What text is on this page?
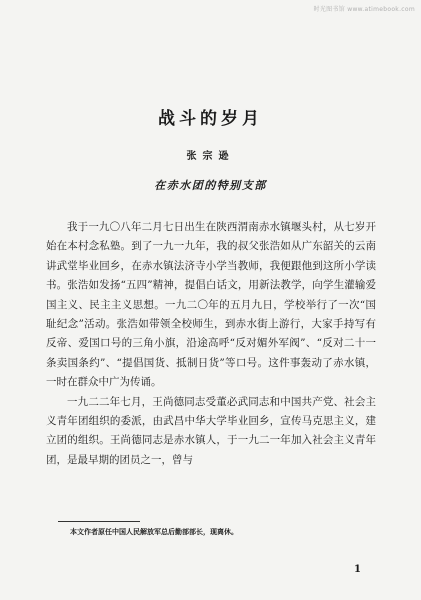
时光图书馆 www.atimebook.com
战斗的岁月
张宗逊
在赤水团的特别支部

我于一九〇八年二月七日出生在陕西渭南赤水镇堰头村，从七岁开始在本村念私塾。到了一九一九年，我的叔父张浩如从广东韶关的云南讲武堂毕业回乡，在赤水镇法济寺小学当教师，我便跟他到这所小学读书。张浩如发扬“五四”精神，提倡白话文，用新法教学，向学生灌输爱国主义、民主主义思想。一九二〇年的五月九日，学校举行了一次“国耻纪念”活动。张浩如带领全校师生，到赤水街上游行，大家手持写有反帝、爱国口号的三角小旗，沿途高呼“反对媚外军阀”、“反对二十一条卖国条约”、“提倡国货、抵制日货”等口号。这件事轰动了赤水镇，一时在群众中广为传诵。

一九二二年七月，王尚德同志受董必武同志和中国共产党、社会主义青年团组织的委派，由武昌中华大学毕业回乡，宣传马克思主义，建立团的组织。王尚德同志是赤水镇人，于一九二一年加入社会主义青年团，是最早期的团员之一，曾与

本文作者原任中国人民解放军总后勤部部长，现离休。
1
